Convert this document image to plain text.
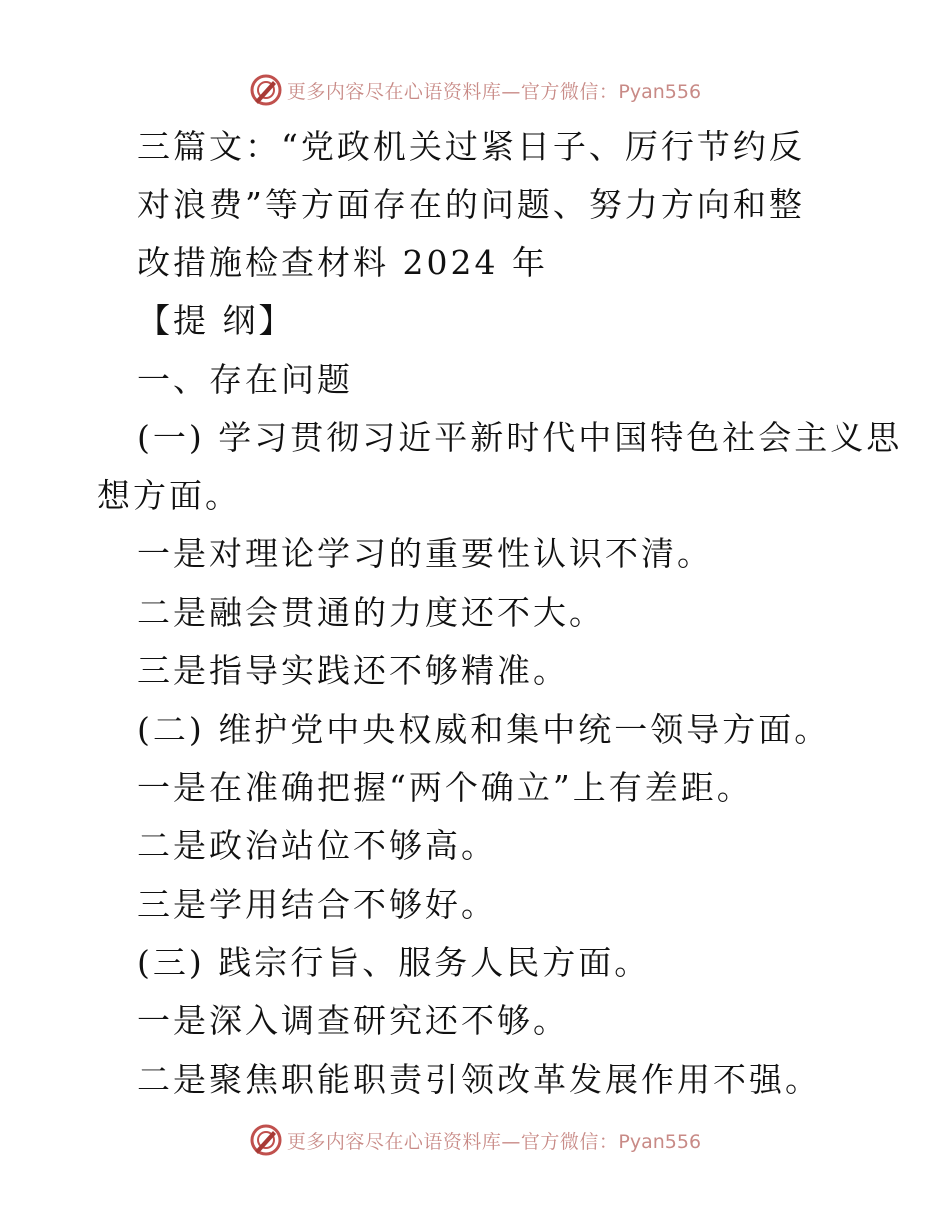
更多内容尽在心语资料库—官方微信：Pyan556
三篇文：“党政机关过紧日子、厉行节约反
对浪费”等方面存在的问题、努力方向和整
改措施检查材料 2024 年
【提 纲】
一、存在问题
(一) 学习贯彻习近平新时代中国特色社会主义思
想方面。
一是对理论学习的重要性认识不清。
二是融会贯通的力度还不大。
三是指导实践还不够精准。
(二) 维护党中央权威和集中统一领导方面。
一是在准确把握“两个确立”上有差距。
二是政治站位不够高。
三是学用结合不够好。
(三) 践宗行旨、服务人民方面。
一是深入调查研究还不够。
二是聚焦职能职责引领改革发展作用不强。
更多内容尽在心语资料库—官方微信：Pyan556
